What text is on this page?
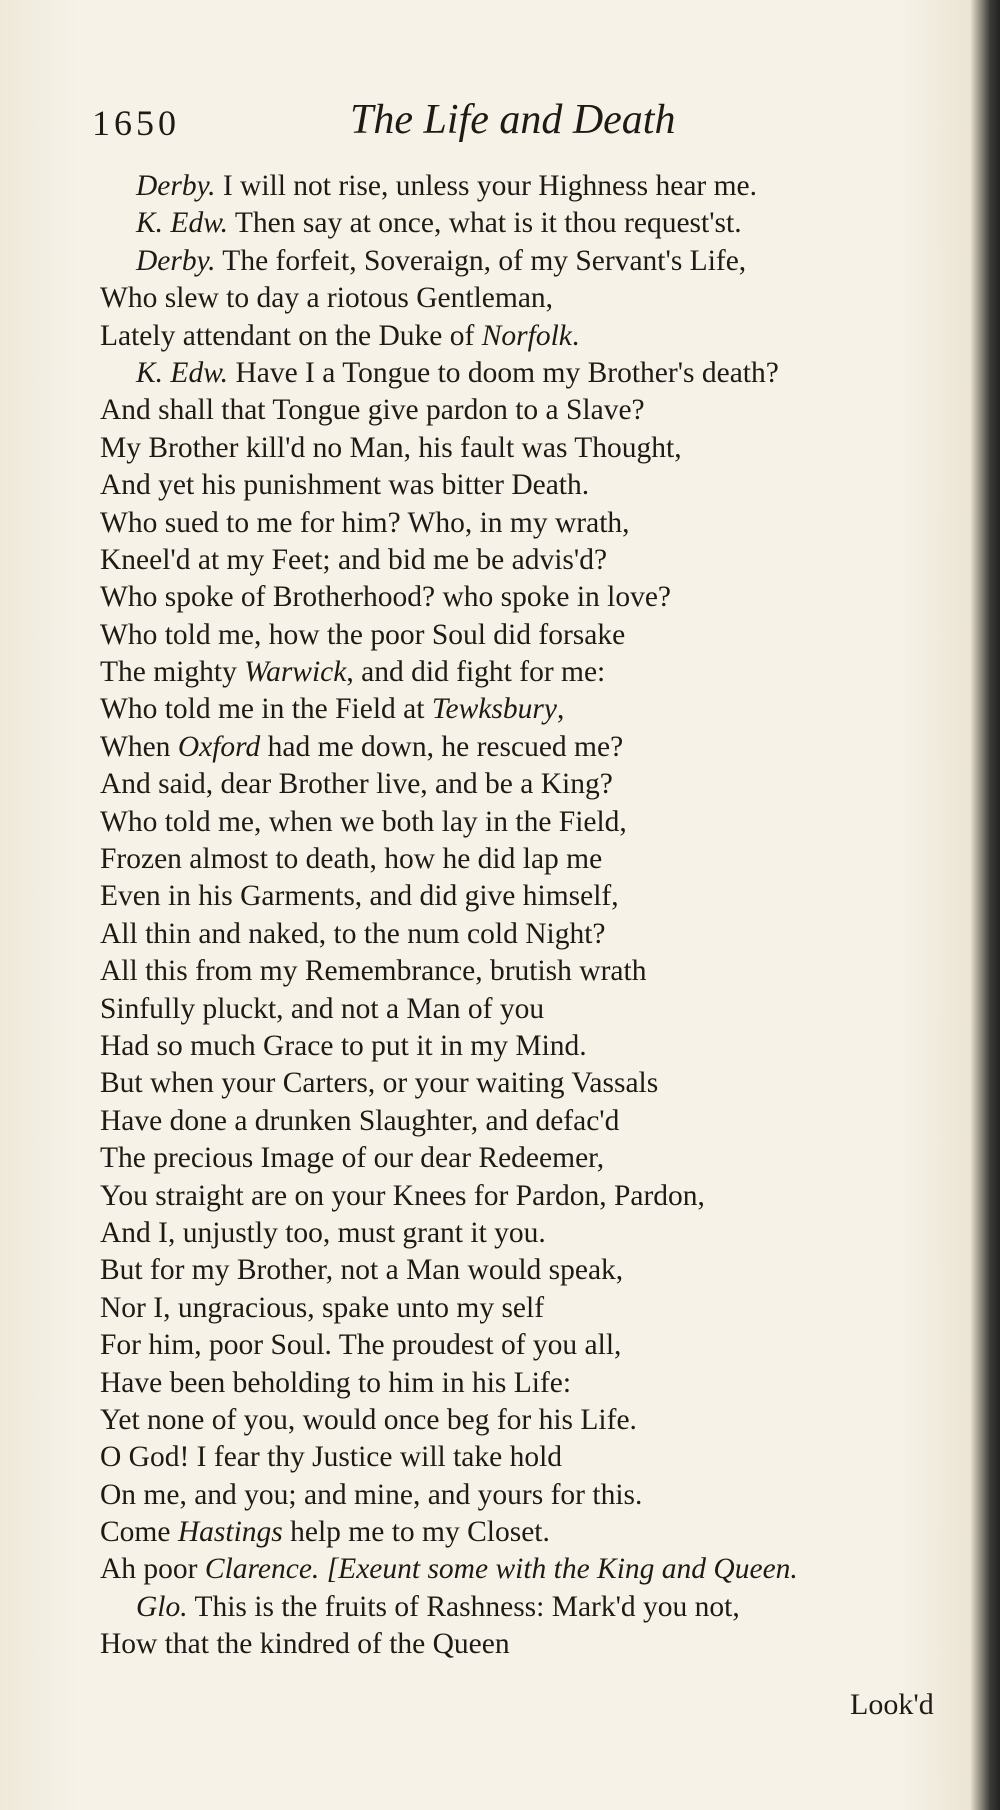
1650	The Life and Death
Derby. I will not rise, unless your Highness hear me.
K. Edw. Then say at once, what is it thou request'st.
Derby. The forfeit, Soveraign, of my Servant's Life,
Who slew to day a riotous Gentleman,
Lately attendant on the Duke of Norfolk.
K. Edw. Have I a Tongue to doom my Brother's death?
And shall that Tongue give pardon to a Slave?
My Brother kill'd no Man, his fault was Thought,
And yet his punishment was bitter Death.
Who sued to me for him? Who, in my wrath,
Kneel'd at my Feet; and bid me be advis'd?
Who spoke of Brotherhood? who spoke in love?
Who told me, how the poor Soul did forsake
The mighty Warwick, and did fight for me:
Who told me in the Field at Tewksbury,
When Oxford had me down, he rescued me?
And said, dear Brother live, and be a King?
Who told me, when we both lay in the Field,
Frozen almost to death, how he did lap me
Even in his Garments, and did give himself,
All thin and naked, to the num cold Night?
All this from my Remembrance, brutish wrath
Sinfully pluckt, and not a Man of you
Had so much Grace to put it in my Mind.
But when your Carters, or your waiting Vassals
Have done a drunken Slaughter, and defac'd
The precious Image of our dear Redeemer,
You straight are on your Knees for Pardon, Pardon,
And I, unjustly too, must grant it you.
But for my Brother, not a Man would speak,
Nor I, ungracious, spake unto my self
For him, poor Soul. The proudest of you all,
Have been beholding to him in his Life:
Yet none of you, would once beg for his Life.
O God! I fear thy Justice will take hold
On me, and you; and mine, and yours for this.
Come Hastings help me to my Closet.
Ah poor Clarence. [Exeunt some with the King and Queen.
Glo. This is the fruits of Rashness: Mark'd you not,
How that the kindred of the Queen
Look'd
